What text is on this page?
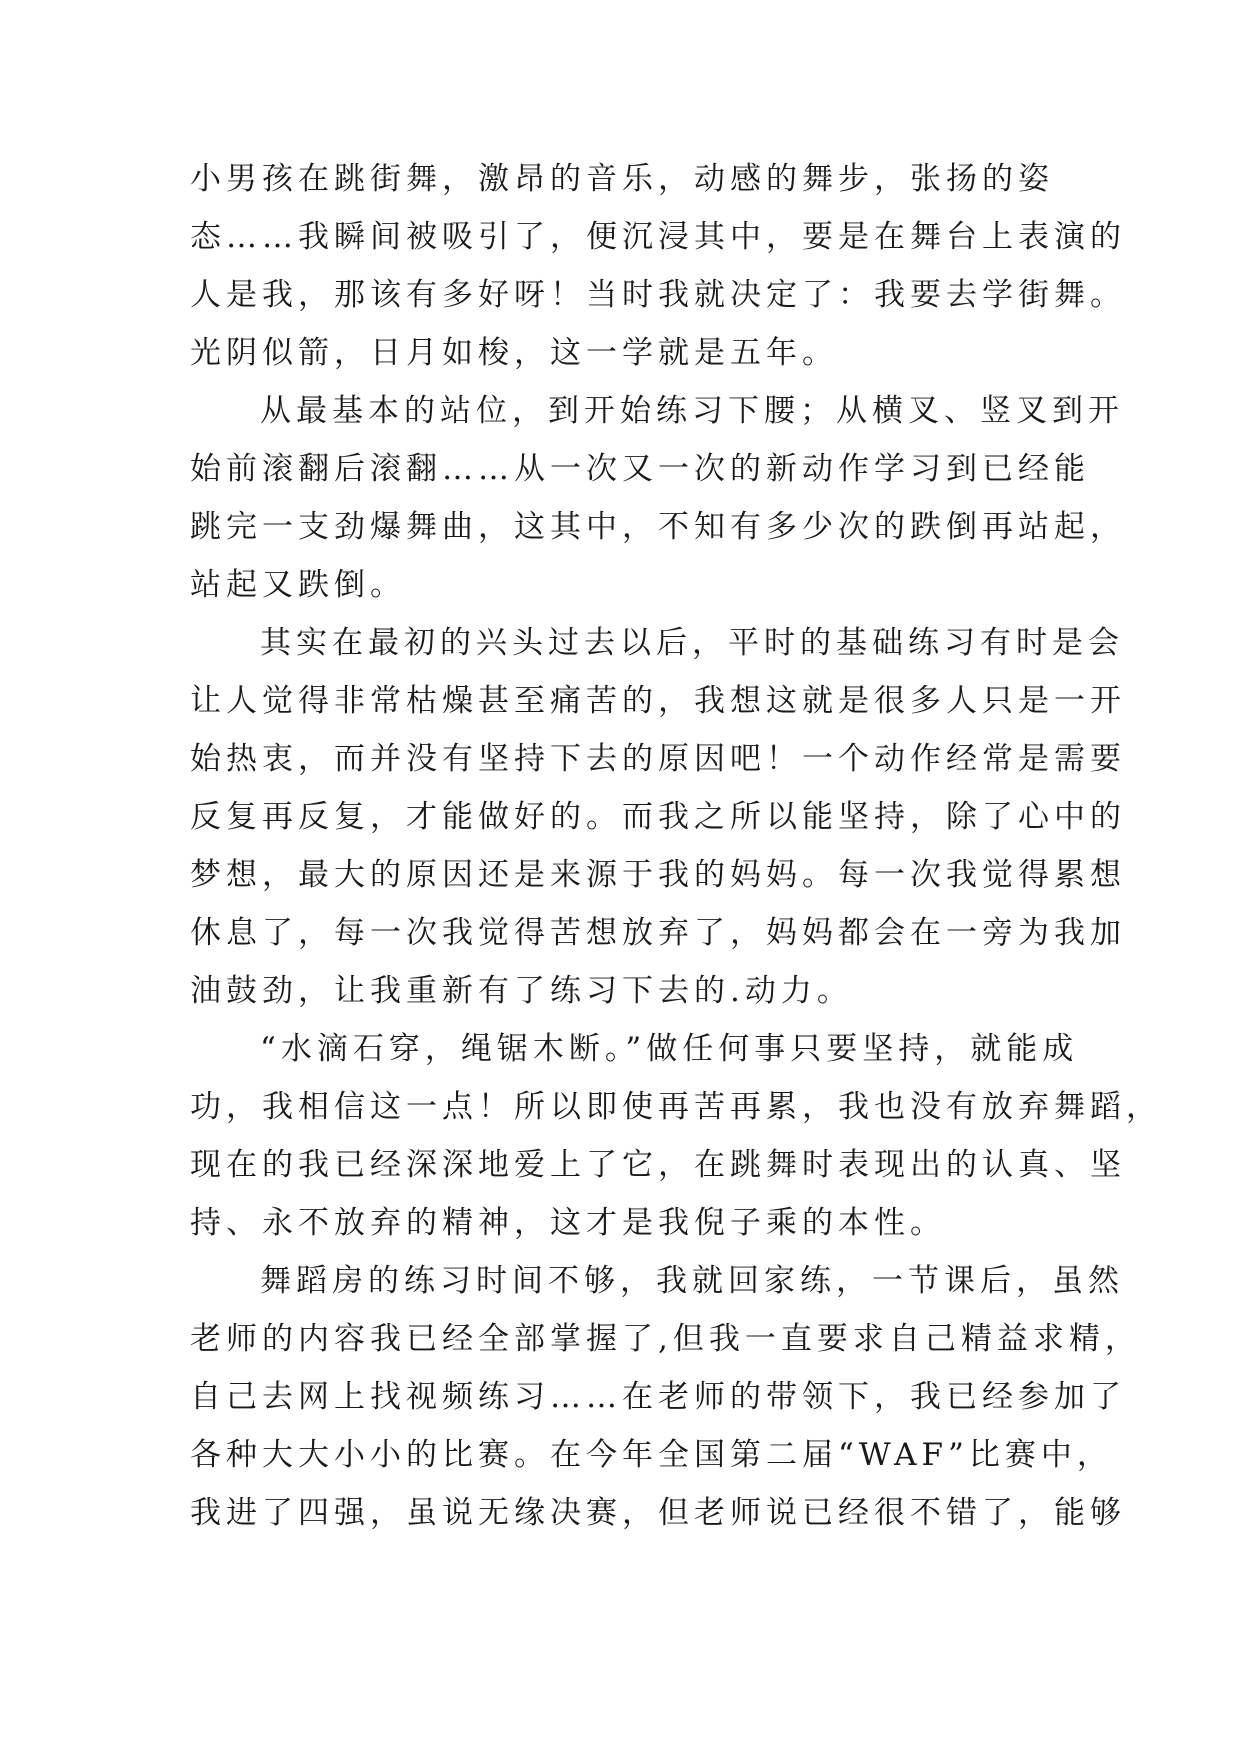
小男孩在跳街舞，激昂的音乐，动感的舞步，张扬的姿
态……我瞬间被吸引了，便沉浸其中，要是在舞台上表演的
人是我，那该有多好呀！当时我就决定了：我要去学街舞。
光阴似箭，日月如梭，这一学就是五年。
从最基本的站位，到开始练习下腰；从横叉、竖叉到开
始前滚翻后滚翻……从一次又一次的新动作学习到已经能
跳完一支劲爆舞曲，这其中，不知有多少次的跌倒再站起，
站起又跌倒。
其实在最初的兴头过去以后，平时的基础练习有时是会
让人觉得非常枯燥甚至痛苦的，我想这就是很多人只是一开
始热衷，而并没有坚持下去的原因吧！一个动作经常是需要
反复再反复，才能做好的。而我之所以能坚持，除了心中的
梦想，最大的原因还是来源于我的妈妈。每一次我觉得累想
休息了，每一次我觉得苦想放弃了，妈妈都会在一旁为我加
油鼓劲，让我重新有了练习下去的.动力。
“水滴石穿，绳锯木断。”做任何事只要坚持，就能成
功，我相信这一点！所以即使再苦再累，我也没有放弃舞蹈，
现在的我已经深深地爱上了它，在跳舞时表现出的认真、坚
持、永不放弃的精神，这才是我倪子乘的本性。
舞蹈房的练习时间不够，我就回家练，一节课后，虽然
老师的内容我已经全部掌握了,但我一直要求自己精益求精，
自己去网上找视频练习……在老师的带领下，我已经参加了
各种大大小小的比赛。在今年全国第二届“WAF”比赛中，
我进了四强，虽说无缘决赛，但老师说已经很不错了，能够
